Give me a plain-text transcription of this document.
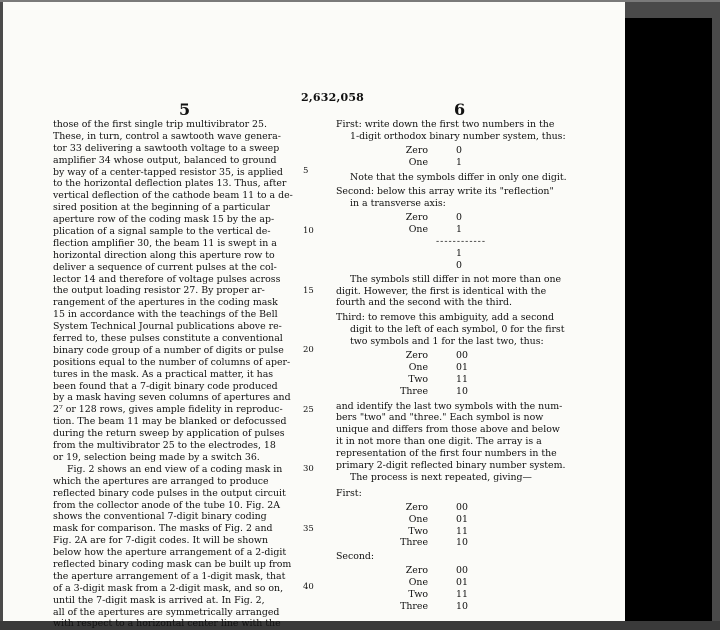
2,632,058
5	6
those of the first single trip multivibrator 25.
These, in turn, control a sawtooth wave genera-
tor 33 delivering a sawtooth voltage to a sweep
amplifier 34 whose output, balanced to ground
by way of a center-tapped resistor 35, is applied
to the horizontal deflection plates 13. Thus, after
vertical deflection of the cathode beam 11 to a de-
sired position at the beginning of a particular
aperture row of the coding mask 15 by the ap-
plication of a signal sample to the vertical de-
flection amplifier 30, the beam 11 is swept in a
horizontal direction along this aperture row to
deliver a sequence of current pulses at the col-
lector 14 and therefore of voltage pulses across
the output loading resistor 27. By proper ar-
rangement of the apertures in the coding mask
15 in accordance with the teachings of the Bell
System Technical Journal publications above re-
ferred to, these pulses constitute a conventional
binary code group of a number of digits or pulse
positions equal to the number of columns of aper-
tures in the mask. As a practical matter, it has
been found that a 7-digit binary code produced
by a mask having seven columns of apertures and
2⁷ or 128 rows, gives ample fidelity in reproduc-
tion. The beam 11 may be blanked or defocussed
during the return sweep by application of pulses
from the multivibrator 25 to the electrodes, 18
or 19, selection being made by a switch 36.
Fig. 2 shows an end view of a coding mask in
which the apertures are arranged to produce
reflected binary code pulses in the output circuit
from the collector anode of the tube 10. Fig. 2A
shows the conventional 7-digit binary coding
mask for comparison. The masks of Fig. 2 and
Fig. 2A are for 7-digit codes. It will be shown
below how the aperture arrangement of a 2-digit
reflected binary coding mask can be built up from
the aperture arrangement of a 1-digit mask, that
of a 3-digit mask from a 2-digit mask, and so on,
until the 7-digit mask is arrived at. In Fig. 2,
all of the apertures are symmetrically arranged
with respect to a horizontal center line with the
5
10
15
20
25
30
35
40
First: write down the first two numbers in the
1-digit orthodox binary number system, thus:
Zero	0
One	1
Note that the symbols differ in only one digit.
Second: below this array write its "reflection"
in a transverse axis:
Zero	0
One	1
------------
1
0
The symbols still differ in not more than one
digit. However, the first is identical with the
fourth and the second with the third.
Third: to remove this ambiguity, add a second
digit to the left of each symbol, 0 for the first
two symbols and 1 for the last two, thus:
Zero	00
One	01
Two	11
Three	10
and identify the last two symbols with the num-
bers "two" and "three." Each symbol is now
unique and differs from those above and below
it in not more than one digit. The array is a
representation of the first four numbers in the
primary 2-digit reflected binary number system.
The process is next repeated, giving—
First:
Zero	00
One	01
Two	11
Three	10
Second:
Zero	00
One	01
Two	11
Three	10
